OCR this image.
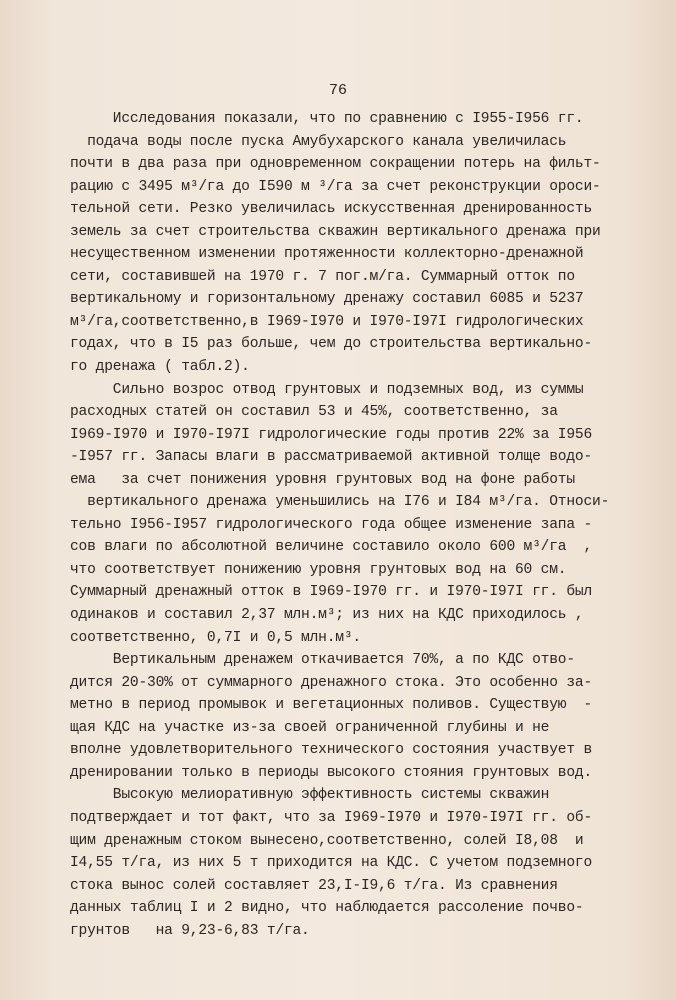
76
Исследования показали, что по сравнению с I955-I956 гг.
подача воды после пуска Амубухарского канала увеличилась
почти в два раза при одновременном сокращении потерь на фильт-
рацию с 3495 м³/га до I590 м ³/га за счет реконструкции ороси-
тельной сети. Резко увеличилась искусственная дренированность
земель за счет строительства скважин вертикального дренажа при
несущественном изменении протяженности коллекторно-дренажной
сети, составившей на 1970 г. 7 пог.м/га. Суммарный отток по
вертикальному и горизонтальному дренажу составил 6085 и 5237
м³/га,соответственно,в I969-I970 и I970-I97I гидрологических
годах, что в I5 раз больше, чем до строительства вертикально-
го дренажа ( табл.2).
Сильно возрос отвод грунтовых и подземных вод, из суммы
расходных статей он составил 53 и 45%, соответственно, за
I969-I970 и I970-I97I гидрологические годы против 22% за I956
-I957 гг. Запасы влаги в рассматриваемой активной толще водо-
ема   за счет понижения уровня грунтовых вод на фоне работы
вертикального дренажа уменьшились на I76 и I84 м³/га. Относи-
тельно I956-I957 гидрологического года общее изменение запа -
сов влаги по абсолютной величине составило около 600 м³/га  ,
что соответствует понижению уровня грунтовых вод на 60 см.
Суммарный дренажный отток в I969-I970 гг. и I970-I97I гг. был
одинаков и составил 2,37 млн.м³; из них на КДС приходилось ,
соответственно, 0,7I и 0,5 млн.м³.
Вертикальным дренажем откачивается 70%, а по КДС отво-
дится 20-30% от суммарного дренажного стока. Это особенно за-
метно в период промывок и вегетационных поливов. Существую  -
щая КДС на участке из-за своей ограниченной глубины и не
вполне удовлетворительного технического состояния участвует в
дренировании только в периоды высокого стояния грунтовых вод.
Высокую мелиоративную эффективность системы скважин
подтверждает и тот факт, что за I969-I970 и I970-I97I гг. об-
щим дренажным стоком вынесено,соответственно, солей I8,08  и
I4,55 т/га, из них 5 т приходится на КДС. С учетом подземного
стока вынос солей составляет 23,I-I9,6 т/га. Из сравнения
данных таблиц I и 2 видно, что наблюдается рассоление почво-
грунтов   на 9,23-6,83 т/га.
